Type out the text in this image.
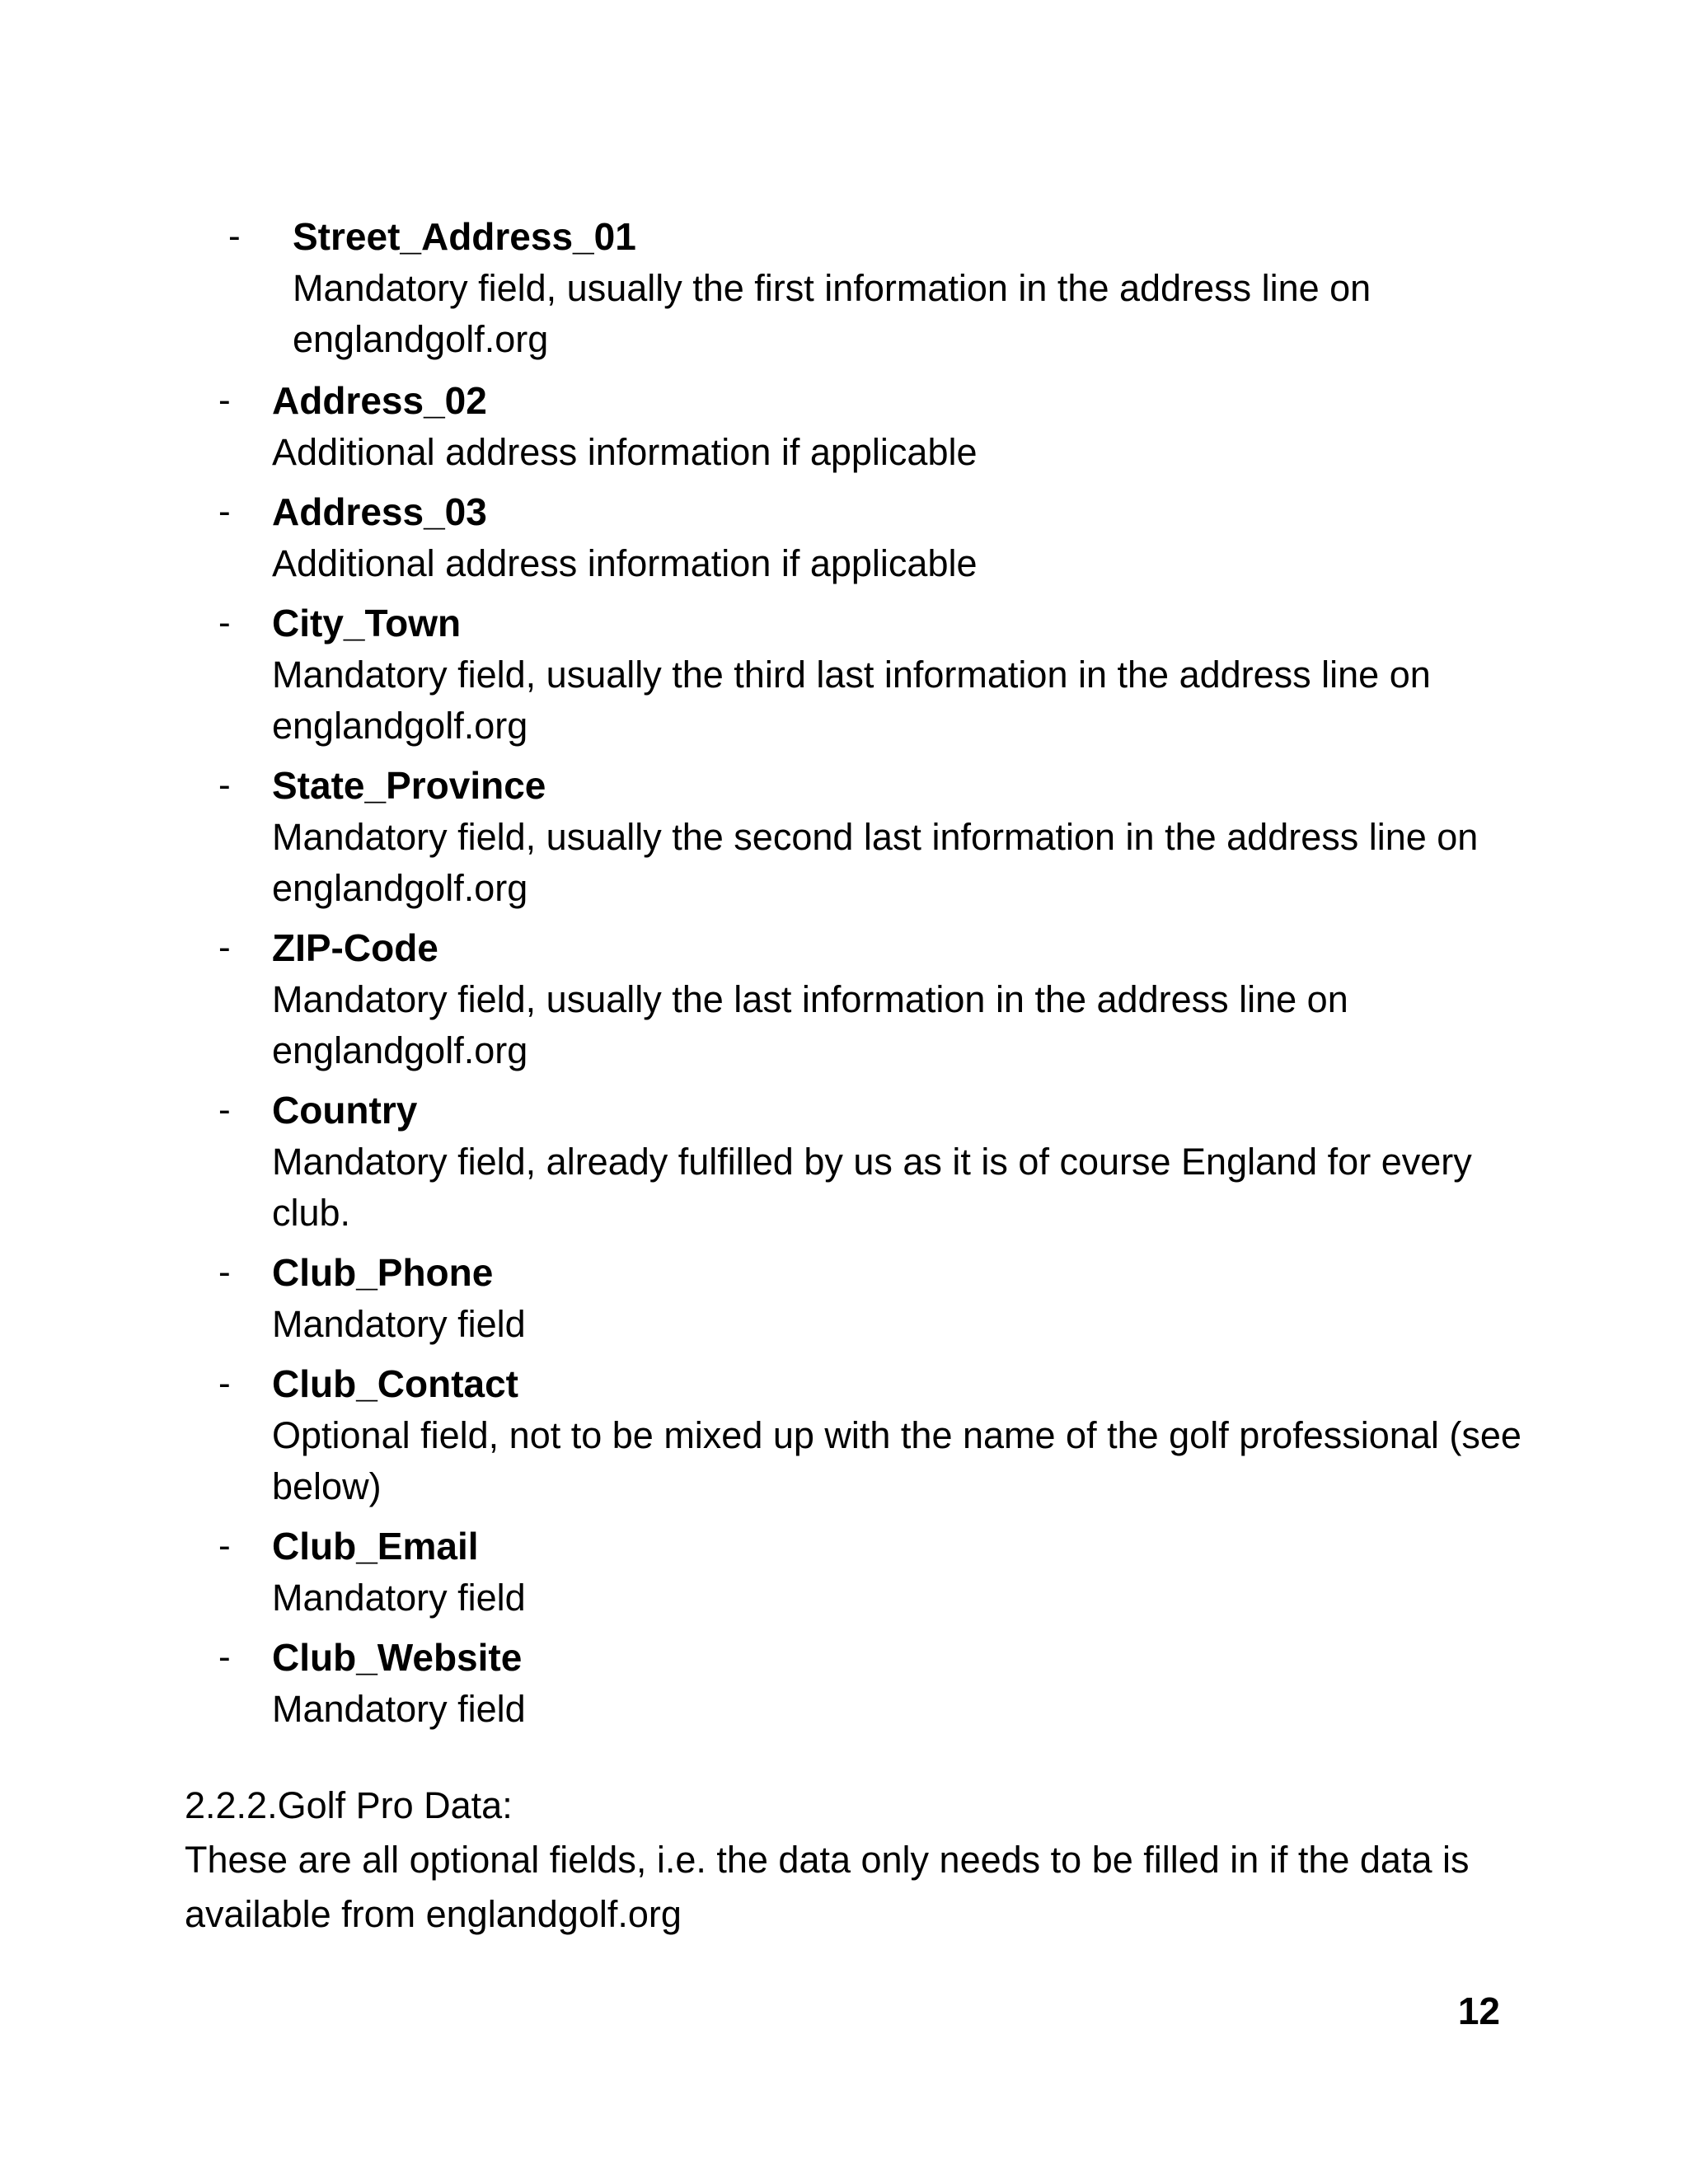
- Street_Address_01
Mandatory field, usually the first information in the address line on englandgolf.org
- Address_02
Additional address information if applicable
- Address_03
Additional address information if applicable
- City_Town
Mandatory field, usually the third last information in the address line on englandgolf.org
- State_Province
Mandatory field, usually the second last information in the address line on englandgolf.org
- ZIP-Code
Mandatory field, usually the last information in the address line on englandgolf.org
- Country
Mandatory field, already fulfilled by us as it is of course England for every club.
- Club_Phone
Mandatory field
- Club_Contact
Optional field, not to be mixed up with the name of the golf professional (see below)
- Club_Email
Mandatory field
- Club_Website
Mandatory field
2.2.2.Golf Pro Data:
These are all optional fields, i.e. the data only needs to be filled in if the data is available from englandgolf.org
12
